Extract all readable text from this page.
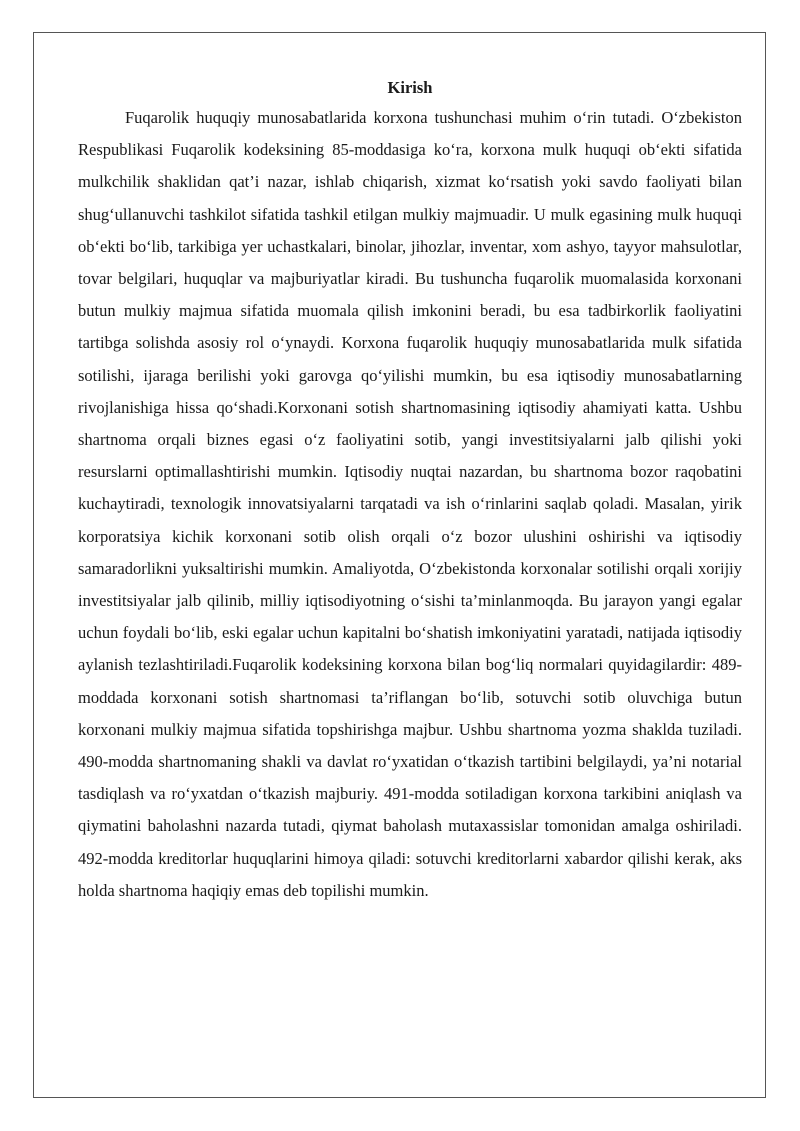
Kirish

Fuqarolik huquqiy munosabatlarida korxona tushunchasi muhim o‘rin tutadi. O‘zbekiston Respublikasi Fuqarolik kodeksining 85-moddasiga ko‘ra, korxona mulk huquqi ob‘ekti sifatida mulkchilik shaklidan qat’i nazar, ishlab chiqarish, xizmat ko‘rsatish yoki savdo faoliyati bilan shug‘ullanuvchi tashkilot sifatida tashkil etilgan mulkiy majmuadir. U mulk egasining mulk huquqi ob‘ekti bo‘lib, tarkibiga yer uchastkalari, binolar, jihozlar, inventar, xom ashyo, tayyor mahsulotlar, tovar belgilari, huquqlar va majburiyatlar kiradi. Bu tushuncha fuqarolik muomalasida korxonani butun mulkiy majmua sifatida muomala qilish imkonini beradi, bu esa tadbirkorlik faoliyatini tartibga solishda asosiy rol o‘ynaydi. Korxona fuqarolik huquqiy munosabatlarida mulk sifatida sotilishi, ijaraga berilishi yoki garovga qo‘yilishi mumkin, bu esa iqtisodiy munosabatlarning rivojlanishiga hissa qo‘shadi.Korxonani sotish shartnomasining iqtisodiy ahamiyati katta. Ushbu shartnoma orqali biznes egasi o‘z faoliyatini sotib, yangi investitsiyalarni jalb qilishi yoki resurslarni optimallashtirishi mumkin. Iqtisodiy nuqtai nazardan, bu shartnoma bozor raqobatini kuchaytiradi, texnologik innovatsiyalarni tarqatadi va ish o‘rinlarini saqlab qoladi. Masalan, yirik korporatsiya kichik korxonani sotib olish orqali o‘z bozor ulushini oshirishi va iqtisodiy samaradorlikni yuksaltirishi mumkin. Amaliyotda, O‘zbekistonda korxonalar sotilishi orqali xorijiy investitsiyalar jalb qilinib, milliy iqtisodiyotning o‘sishi ta’minlanmoqda. Bu jarayon yangi egalar uchun foydali bo‘lib, eski egalar uchun kapitalni bo‘shatish imkoniyatini yaratadi, natijada iqtisodiy aylanish tezlashtiriladi.Fuqarolik kodeksining korxona bilan bog‘liq normalari quyidagilardir: 489-moddada korxonani sotish shartnomasi ta’riflangan bo‘lib, sotuvchi sotib oluvchiga butun korxonani mulkiy majmua sifatida topshirishga majbur. Ushbu shartnoma yozma shaklda tuziladi. 490-modda shartnomaning shakli va davlat ro‘yxatidan o‘tkazish tartibini belgilaydi, ya’ni notarial tasdiqlash va ro‘yxatdan o‘tkazish majburiy. 491-modda sotiladigan korxona tarkibini aniqlash va qiymatini baholashni nazarda tutadi, qiymat baholash mutaxassislar tomonidan amalga oshiriladi. 492-modda kreditorlar huquqlarini himoya qiladi: sotuvchi kreditorlarni xabardor qilishi kerak, aks holda shartnoma haqiqiy emas deb topilishi mumkin.
